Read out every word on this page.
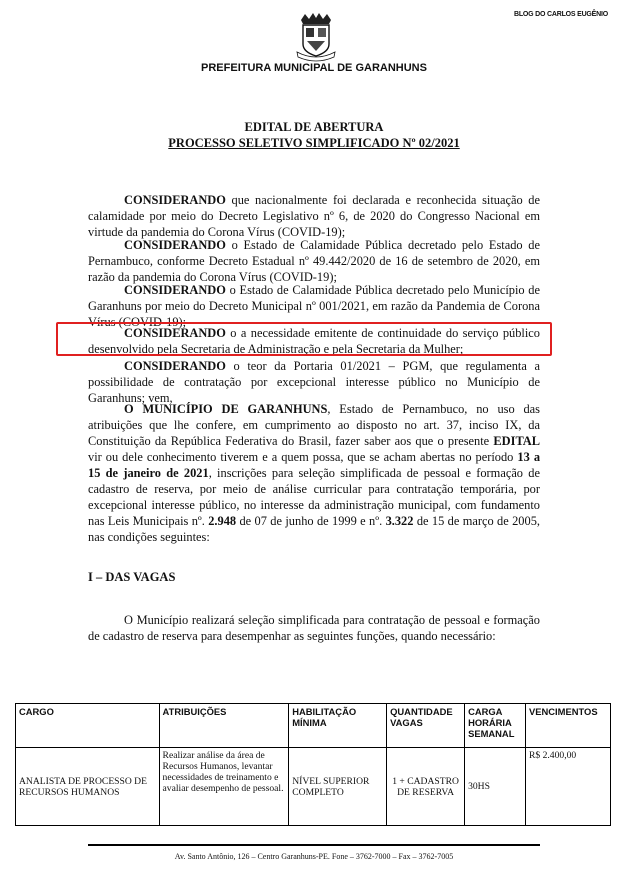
BLOG DO CARLOS EUGÊNIO
PREFEITURA MUNICIPAL DE GARANHUNS
EDITAL DE ABERTURA
PROCESSO SELETIVO SIMPLIFICADO Nº 02/2021

CONSIDERANDO que nacionalmente foi declarada e reconhecida situação de calamidade por meio do Decreto Legislativo nº 6, de 2020 do Congresso Nacional em virtude da pandemia do Corona Vírus (COVID-19);

CONSIDERANDO o Estado de Calamidade Pública decretado pelo Estado de Pernambuco, conforme Decreto Estadual nº 49.442/2020 de 16 de setembro de 2020, em razão da pandemia do Corona Vírus (COVID-19);

CONSIDERANDO o Estado de Calamidade Pública decretado pelo Município de Garanhuns por meio do Decreto Municipal nº 001/2021, em razão da Pandemia de Corona Vírus (COVID-19);

CONSIDERANDO o a necessidade emitente de continuidade do serviço público desenvolvido pela Secretaria de Administração e pela Secretaria da Mulher;

CONSIDERANDO o teor da Portaria 01/2021 – PGM, que regulamenta a possibilidade de contratação por excepcional interesse público no Município de Garanhuns; vem,

O MUNICÍPIO DE GARANHUNS, Estado de Pernambuco, no uso das atribuições que lhe confere, em cumprimento ao disposto no art. 37, inciso IX, da Constituição da República Federativa do Brasil, fazer saber aos que o presente EDITAL vir ou dele conhecimento tiverem e a quem possa, que se acham abertas no período 13 a 15 de janeiro de 2021, inscrições para seleção simplificada de pessoal e formação de cadastro de reserva, por meio de análise curricular para contratação temporária, por excepcional interesse público, no interesse da administração municipal, com fundamento nas Leis Municipais nº. 2.948 de 07 de junho de 1999 e nº. 3.322 de 15 de março de 2005, nas condições seguintes:

I – DAS VAGAS

O Município realizará seleção simplificada para contratação de pessoal e formação de cadastro de reserva para desempenhar as seguintes funções, quando necessário:

CARGO	ATRIBUIÇÕES	HABILITAÇÃO MÍNIMA	QUANTIDADE VAGAS	CARGA HORÁRIA SEMANAL	VENCIMENTOS
ANALISTA DE PROCESSO DE RECURSOS HUMANOS	Realizar análise da área de Recursos Humanos, levantar necessidades de treinamento e avaliar desempenho de pessoal.	NÍVEL SUPERIOR COMPLETO	1 + CADASTRO DE RESERVA	30HS	R$ 2.400,00
Av. Santo Antônio, 126 – Centro Garanhuns-PE. Fone – 3762-7000 – Fax – 3762-7005
